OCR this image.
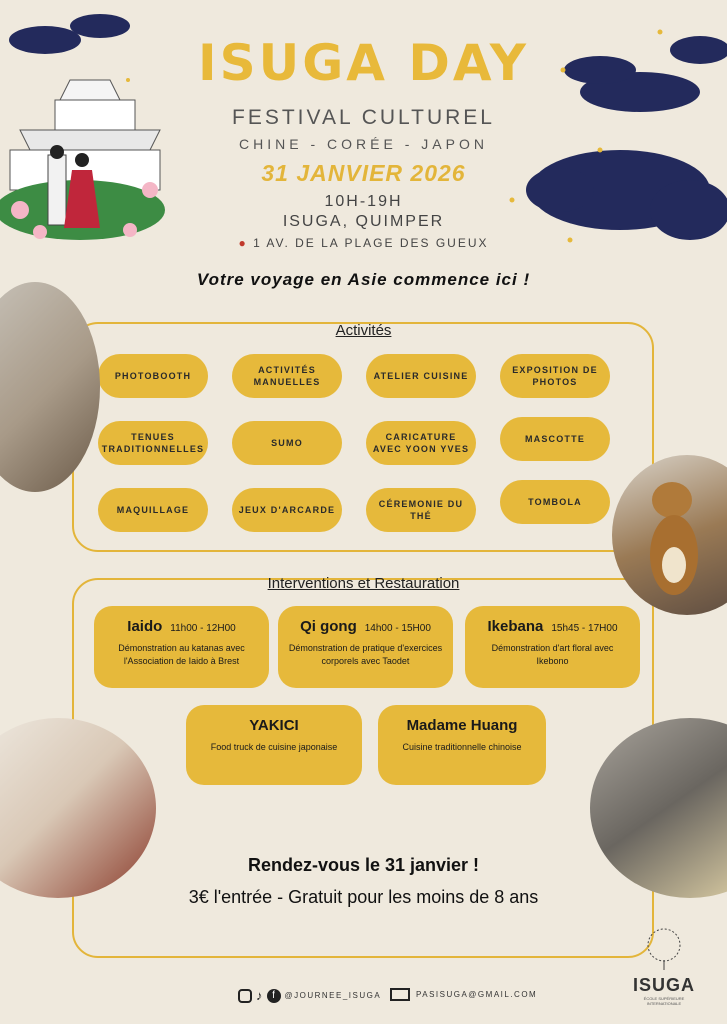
ISUGA DAY
FESTIVAL CULTUREL
CHINE - CORÉE - JAPON
31 JANVIER 2026
10H-19H
ISUGA, QUIMPER
● 1 AV. DE LA PLAGE DES GUEUX
Votre voyage en Asie commence ici !
Activités
PHOTOBOOTH
ACTIVITÉS MANUELLES
ATELIER CUISINE
EXPOSITION DE PHOTOS
TENUES TRADITIONNELLES
SUMO
CARICATURE AVEC YOON YVES
MASCOTTE
MAQUILLAGE	JEUX D'ARCARDE
CÉREMONIE DU THÉ
TOMBOLA
Interventions et Restauration
Iaido 11h00 - 12H00
Démonstration au katanas avec l'Association de Iaido à Brest
Qi gong 14h00 - 15H00
Démonstration de pratique d'exercices corporels avec Taodet
Ikebana 15h45 - 17H00
Démonstration d'art floral avec Ikebono
YAKICI
Food truck de cuisine japonaise
Madame Huang
Cuisine traditionnelle chinoise
Rendez-vous le 31 janvier !
3€ l'entrée - Gratuit pour les moins de 8 ans
♪ f	@JOURNEE_ISUGA	PASISUGA@GMAIL.COM	ISUGA
ÉCOLE SUPÉRIEURE INTERNATIONALE
